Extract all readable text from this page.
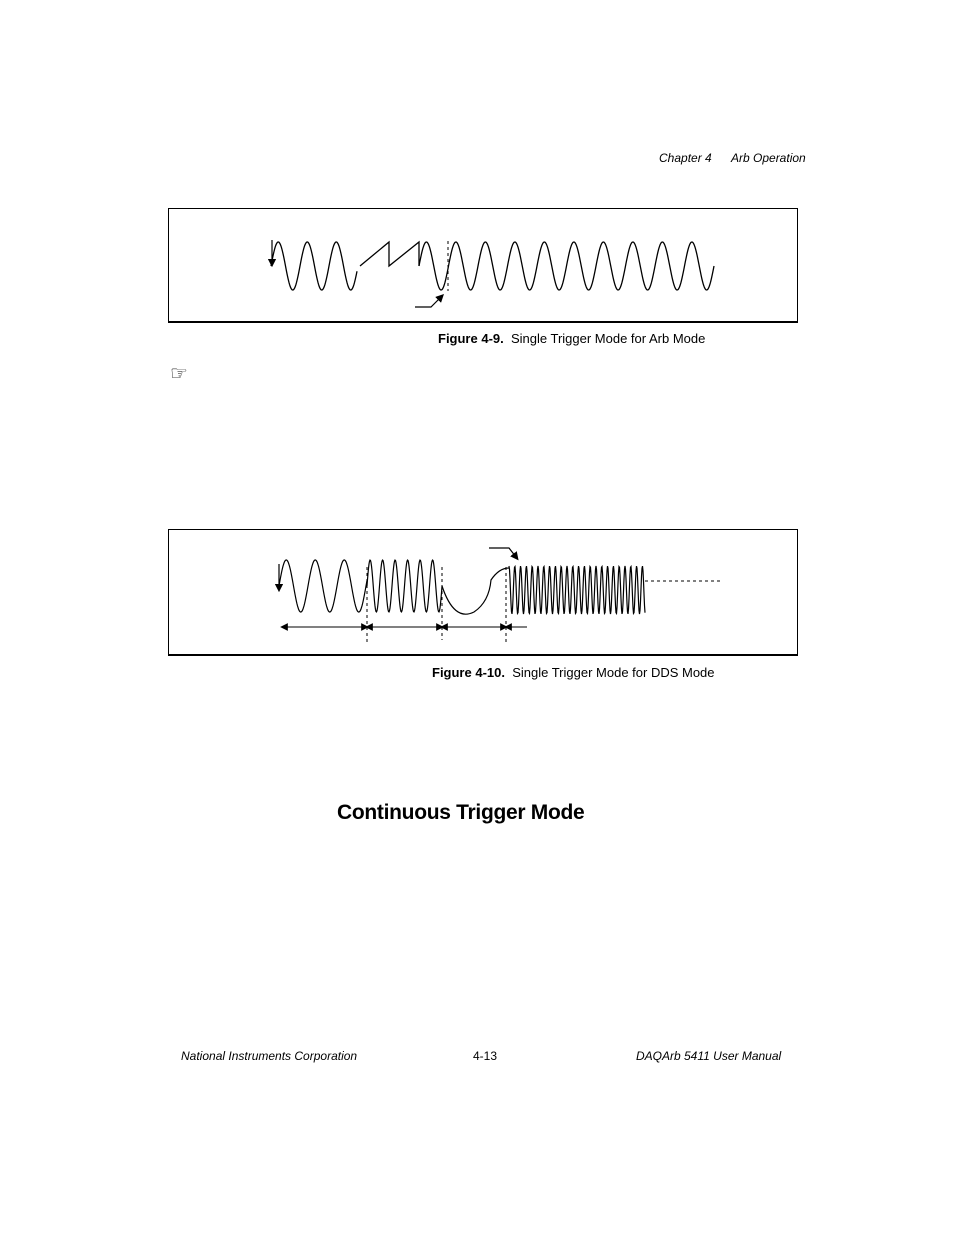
Chapter 4 Arb Operation
Figure 4-9. Single Trigger Mode for Arb Mode
☞
Figure 4-10. Single Trigger Mode for DDS Mode
Continuous Trigger Mode
National Instruments Corporation	4-13	DAQArb 5411 User Manual
